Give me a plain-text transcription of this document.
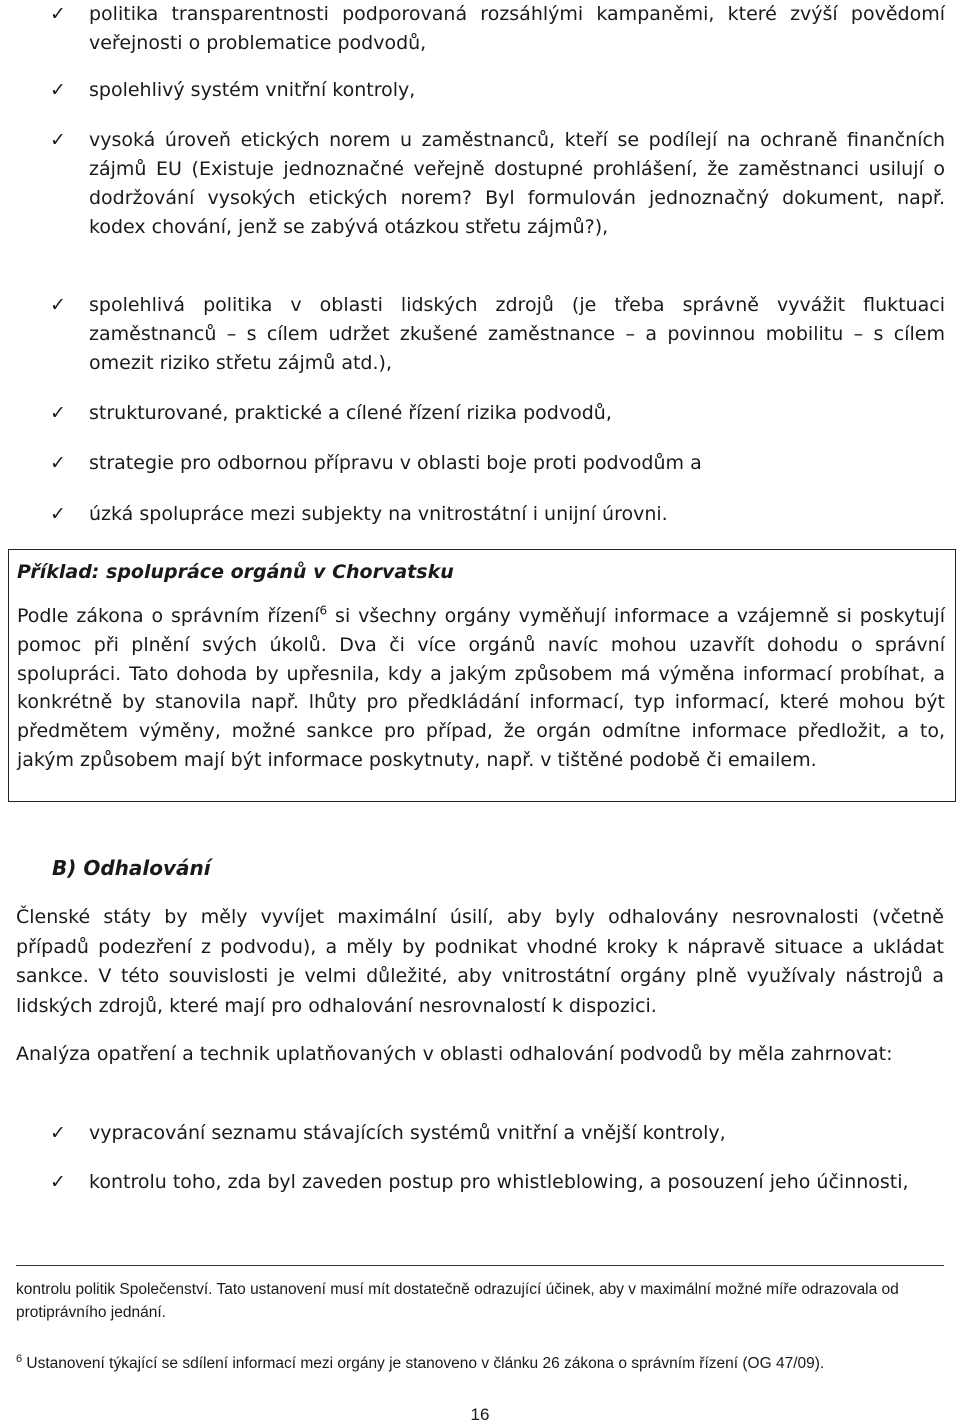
✓ politika transparentnosti podporovaná rozsáhlými kampaněmi, které zvýší povědomí veřejnosti o problematice podvodů,
✓ spolehlivý systém vnitřní kontroly,
✓ vysoká úroveň etických norem u zaměstnanců, kteří se podílejí na ochraně finančních zájmů EU (Existuje jednoznačné veřejně dostupné prohlášení, že zaměstnanci usilují o dodržování vysokých etických norem? Byl formulován jednoznačný dokument, např. kodex chování, jenž se zabývá otázkou střetu zájmů?),
✓ spolehlivá politika v oblasti lidských zdrojů (je třeba správně vyvážit fluktuaci zaměstnanců – s cílem udržet zkušené zaměstnance – a povinnou mobilitu – s cílem omezit riziko střetu zájmů atd.),
✓ strukturované, praktické a cílené řízení rizika podvodů,
✓ strategie pro odbornou přípravu v oblasti boje proti podvodům a
✓ úzká spolupráce mezi subjekty na vnitrostátní i unijní úrovni.
Příklad: spolupráce orgánů v Chorvatsku
Podle zákona o správním řízení$^6$ si všechny orgány vyměňují informace a vzájemně si poskytují pomoc při plnění svých úkolů. Dva či více orgánů navíc mohou uzavřít dohodu o správní spolupráci. Tato dohoda by upřesnila, kdy a jakým způsobem má výměna informací probíhat, a konkrétně by stanovila např. lhůty pro předkládání informací, typ informací, které mohou být předmětem výměny, možné sankce pro případ, že orgán odmítne informace předložit, a to, jakým způsobem mají být informace poskytnuty, např. v tištěné podobě či emailem.
B) Odhalování
Členské státy by měly vyvíjet maximální úsilí, aby byly odhalovány nesrovnalosti (včetně případů podezření z podvodu), a měly by podnikat vhodné kroky k nápravě situace a ukládat sankce. V této souvislosti je velmi důležité, aby vnitrostátní orgány plně využívaly nástrojů a lidských zdrojů, které mají pro odhalování nesrovnalostí k dispozici.
Analýza opatření a technik uplatňovaných v oblasti odhalování podvodů by měla zahrnovat:
✓ vypracování seznamu stávajících systémů vnitřní a vnější kontroly,
✓ kontrolu toho, zda byl zaveden postup pro whistleblowing, a posouzení jeho účinnosti,
kontrolu politik Společenství. Tato ustanovení musí mít dostatečně odrazující účinek, aby v maximální možné míře odrazovala od protiprávního jednání.
$^6$ Ustanovení týkající se sdílení informací mezi orgány je stanoveno v článku 26 zákona o správním řízení (OG 47/09).
16
